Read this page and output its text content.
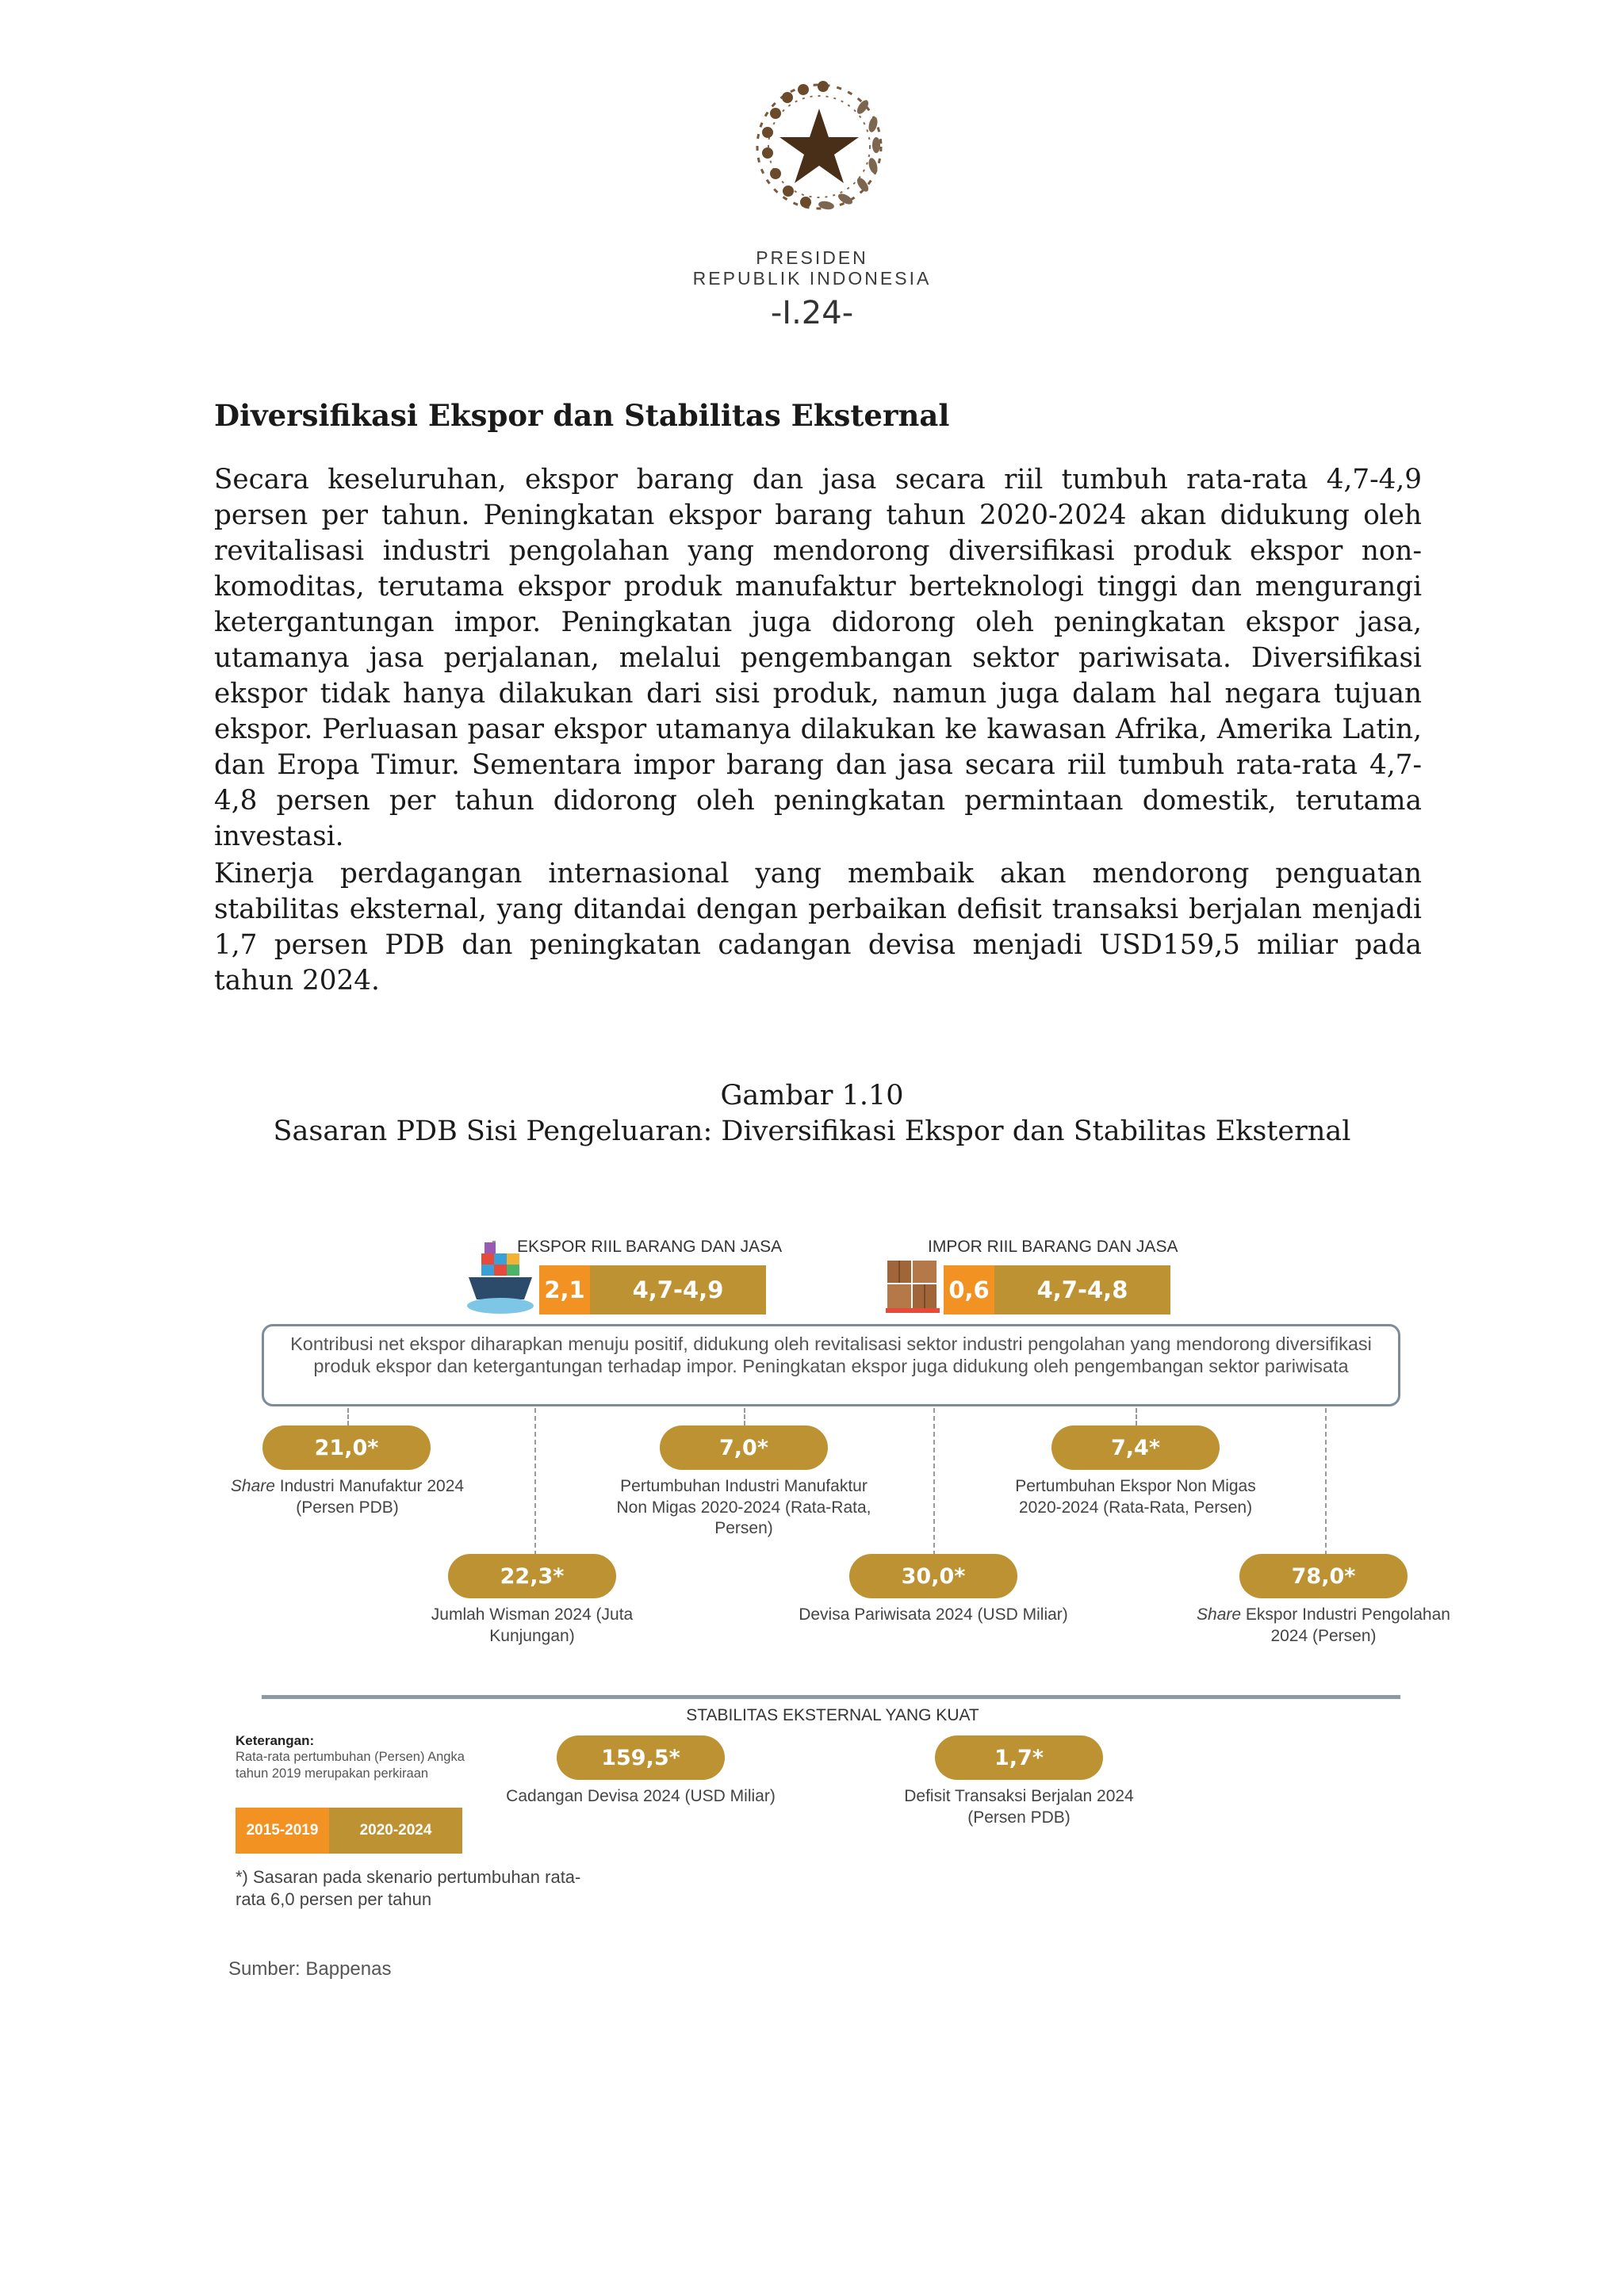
PRESIDEN
REPUBLIK INDONESIA
-I.24-
Diversifikasi Ekspor dan Stabilitas Eksternal

Secara keseluruhan, ekspor barang dan jasa secara riil tumbuh rata-rata 4,7-4,9 persen per tahun. Peningkatan ekspor barang tahun 2020-2024 akan didukung oleh revitalisasi industri pengolahan yang mendorong diversifikasi produk ekspor non-komoditas, terutama ekspor produk manufaktur berteknologi tinggi dan mengurangi ketergantungan impor. Peningkatan juga didorong oleh peningkatan ekspor jasa, utamanya jasa perjalanan, melalui pengembangan sektor pariwisata. Diversifikasi ekspor tidak hanya dilakukan dari sisi produk, namun juga dalam hal negara tujuan ekspor. Perluasan pasar ekspor utamanya dilakukan ke kawasan Afrika, Amerika Latin, dan Eropa Timur. Sementara impor barang dan jasa secara riil tumbuh rata-rata 4,7-4,8 persen per tahun didorong oleh peningkatan permintaan domestik, terutama investasi.

Kinerja perdagangan internasional yang membaik akan mendorong penguatan stabilitas eksternal, yang ditandai dengan perbaikan defisit transaksi berjalan menjadi 1,7 persen PDB dan peningkatan cadangan devisa menjadi USD159,5 miliar pada tahun 2024.

Gambar 1.10
Sasaran PDB Sisi Pengeluaran: Diversifikasi Ekspor dan Stabilitas Eksternal
EKSPOR RIIL BARANG DAN JASA
2,1	4,7-4,9
IMPOR RIIL BARANG DAN JASA
0,6	4,7-4,8
Kontribusi net ekspor diharapkan menuju positif, didukung oleh revitalisasi sektor industri pengolahan yang mendorong diversifikasi produk ekspor dan ketergantungan terhadap impor. Peningkatan ekspor juga didukung oleh pengembangan sektor pariwisata
21,0*
Share Industri Manufaktur 2024 (Persen PDB)
7,0*
Pertumbuhan Industri Manufaktur Non Migas 2020-2024 (Rata-Rata, Persen)
7,4*
Pertumbuhan Ekspor Non Migas 2020-2024 (Rata-Rata, Persen)
22,3*
Jumlah Wisman 2024 (Juta Kunjungan)
30,0*
Devisa Pariwisata 2024 (USD Miliar)
78,0*
Share Ekspor Industri Pengolahan 2024 (Persen)
STABILITAS EKSTERNAL YANG KUAT
159,5*
Cadangan Devisa 2024 (USD Miliar)
1,7*
Defisit Transaksi Berjalan 2024 (Persen PDB)
Keterangan:
Rata-rata pertumbuhan (Persen) Angka tahun 2019 merupakan perkiraan
2015-2019	2020-2024
*) Sasaran pada skenario pertumbuhan rata-rata 6,0 persen per tahun
Sumber: Bappenas
